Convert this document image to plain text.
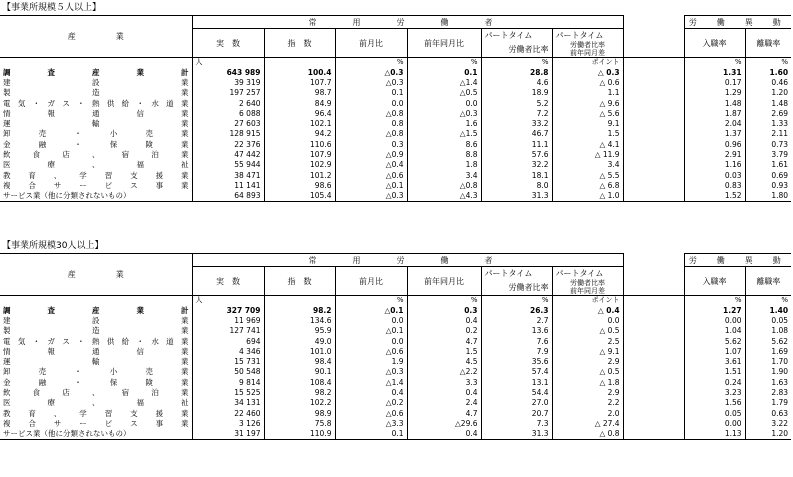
【事業所規模５人以上】
産　　　　　業	常　用　労　働　者							労　働　異　動	
	実　数	指　数	前月比	前年同月比	パートタイム	パートタイム		入職率	離職率
					労働者比率	労働者比率
前年同月差			

	人		%	%	%	ポイント		%	%
調査産業計	643 989	100.4	△0.3	0.1	28.8	△ 0.3		1.31	1.60
建設業	39 319	107.7	△0.3	△1.4	4.6	△ 0.6		0.17	0.46
製造業	197 257	98.7	0.1	△0.5	18.9	1.1		1.29	1.20
電気・ガス・熱供給・水道業	2 640	84.9	0.0	0.0	5.2	△ 9.6		1.48	1.48
情報通信業	6 088	96.4	△0.8	△0.3	7.2	△ 5.6		1.87	2.69
運輸業	27 603	102.1	0.8	1.6	33.2	9.1		2.04	1.33
卸売・小売業	128 915	94.2	△0.8	△1.5	46.7	1.5		1.37	2.11
金融・保険業	22 376	110.6	0.3	8.6	11.1	△ 4.1		0.96	0.73
飲食店、宿泊業	47 442	107.9	△0.9	8.8	57.6	△ 11.9		2.91	3.79
医療、福祉	55 944	102.9	△0.4	1.8	32.2	3.4		1.16	1.61
教育、学習支援業	38 471	101.2	△0.6	3.4	18.1	△ 5.5		0.03	0.69
複合サービス事業	11 141	98.6	△0.1	△0.8	8.0	△ 6.8		0.83	0.93
サービス業（他に分類されないもの）	64 893	105.4	△0.3	△4.3	31.3	△ 1.0		1.52	1.80
【事業所規模30人以上】
産　　　　　業	常　用　労　働　者							労　働　異　動	
	実　数	指　数	前月比	前年同月比	パートタイム	パートタイム		入職率	離職率
					労働者比率	労働者比率
前年同月差			

	人		%	%	%	ポイント		%	%
調査産業計	327 709	98.2	△0.1	0.3	26.3	△ 0.4		1.27	1.40
建設業	11 969	134.6	0.0	0.4	2.7	0.0		0.00	0.05
製造業	127 741	95.9	△0.1	0.2	13.6	△ 0.5		1.04	1.08
電気・ガス・熱供給・水道業	694	49.0	0.0	4.7	7.6	2.5		5.62	5.62
情報通信業	4 346	101.0	△0.6	1.5	7.9	△ 9.1		1.07	1.69
運輸業	15 731	98.4	1.9	4.5	35.6	2.9		3.61	1.70
卸売・小売業	50 548	90.1	△0.3	△2.2	57.4	△ 0.5		1.51	1.90
金融・保険業	9 814	108.4	△1.4	3.3	13.1	△ 1.8		0.24	1.63
飲食店、宿泊業	15 525	98.2	0.4	0.4	54.4	2.9		3.23	2.83
医療、福祉	34 131	102.2	△0.2	2.4	27.0	2.2		1.56	1.79
教育、学習支援業	22 460	98.9	△0.6	4.7	20.7	2.0		0.05	0.63
複合サービス事業	3 126	75.8	△3.3	△29.6	7.3	△ 27.4		0.00	3.22
サービス業（他に分類されないもの）	31 197	110.9	0.1	0.4	31.3	△ 0.8		1.13	1.20
